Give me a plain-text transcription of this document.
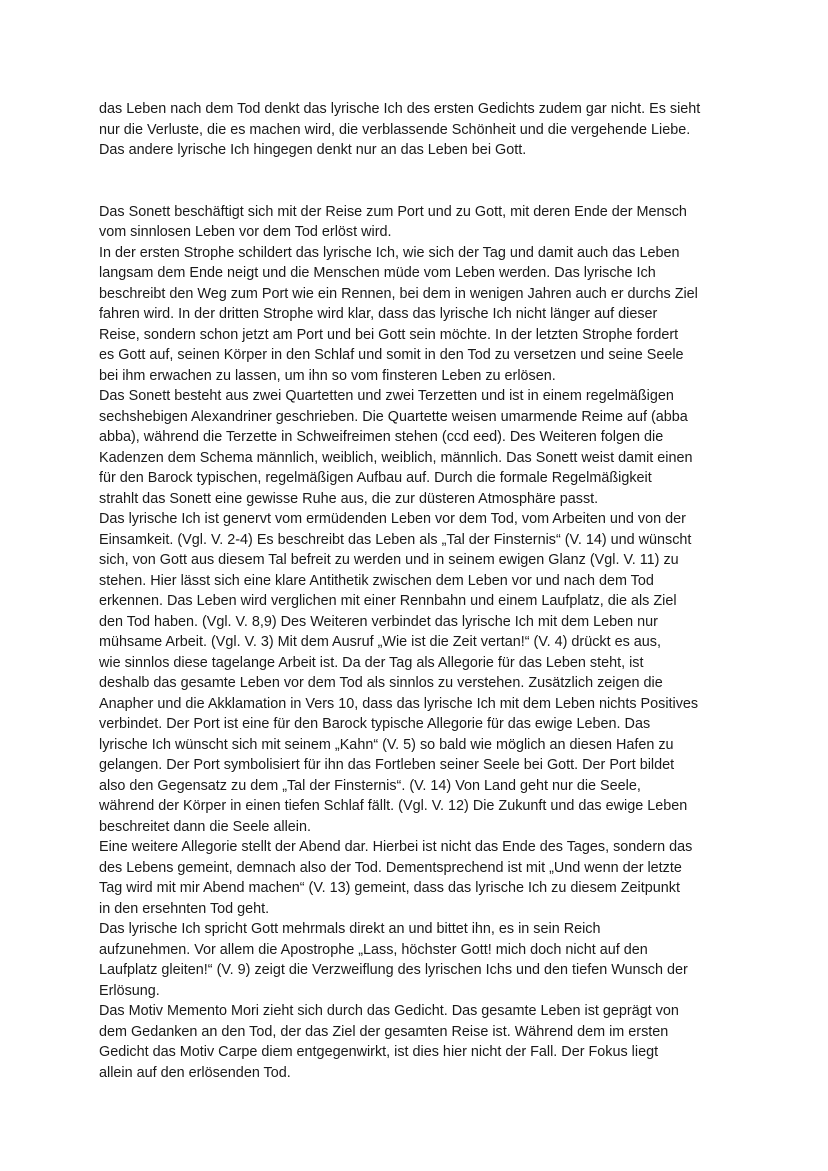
das Leben nach dem Tod denkt das lyrische Ich des ersten Gedichts zudem gar nicht. Es sieht
nur die Verluste, die es machen wird, die verblassende Schönheit und die vergehende Liebe.
Das andere lyrische Ich hingegen denkt nur an das Leben bei Gott.
Das Sonett beschäftigt sich mit der Reise zum Port und zu Gott, mit deren Ende der Mensch
vom sinnlosen Leben vor dem Tod erlöst wird.
In der ersten Strophe schildert das lyrische Ich, wie sich der Tag und damit auch das Leben
langsam dem Ende neigt und die Menschen müde vom Leben werden. Das lyrische Ich
beschreibt den Weg zum Port wie ein Rennen, bei dem in wenigen Jahren auch er durchs Ziel
fahren wird. In der dritten Strophe wird klar, dass das lyrische Ich nicht länger auf dieser
Reise, sondern schon jetzt am Port und bei Gott sein möchte. In der letzten Strophe fordert
es Gott auf, seinen Körper in den Schlaf und somit in den Tod zu versetzen und seine Seele
bei ihm erwachen zu lassen, um ihn so vom finsteren Leben zu erlösen.
Das Sonett besteht aus zwei Quartetten und zwei Terzetten und ist in einem regelmäßigen
sechshebigen Alexandriner geschrieben. Die Quartette weisen umarmende Reime auf (abba
abba), während die Terzette in Schweifreimen stehen (ccd eed). Des Weiteren folgen die
Kadenzen dem Schema männlich, weiblich, weiblich, männlich. Das Sonett weist damit einen
für den Barock typischen, regelmäßigen Aufbau auf. Durch die formale Regelmäßigkeit
strahlt das Sonett eine gewisse Ruhe aus, die zur düsteren Atmosphäre passt.
Das lyrische Ich ist genervt vom ermüdenden Leben vor dem Tod, vom Arbeiten und von der
Einsamkeit. (Vgl. V. 2-4) Es beschreibt das Leben als „Tal der Finsternis“ (V. 14) und wünscht
sich, von Gott aus diesem Tal befreit zu werden und in seinem ewigen Glanz (Vgl. V. 11) zu
stehen. Hier lässt sich eine klare Antithetik zwischen dem Leben vor und nach dem Tod
erkennen. Das Leben wird verglichen mit einer Rennbahn und einem Laufplatz, die als Ziel
den Tod haben. (Vgl. V. 8,9) Des Weiteren verbindet das lyrische Ich mit dem Leben nur
mühsame Arbeit. (Vgl. V. 3) Mit dem Ausruf „Wie ist die Zeit vertan!“ (V. 4) drückt es aus,
wie sinnlos diese tagelange Arbeit ist. Da der Tag als Allegorie für das Leben steht, ist
deshalb das gesamte Leben vor dem Tod als sinnlos zu verstehen. Zusätzlich zeigen die
Anapher und die Akklamation in Vers 10, dass das lyrische Ich mit dem Leben nichts Positives
verbindet. Der Port ist eine für den Barock typische Allegorie für das ewige Leben. Das
lyrische Ich wünscht sich mit seinem „Kahn“ (V. 5) so bald wie möglich an diesen Hafen zu
gelangen. Der Port symbolisiert für ihn das Fortleben seiner Seele bei Gott. Der Port bildet
also den Gegensatz zu dem „Tal der Finsternis“. (V. 14) Von Land geht nur die Seele,
während der Körper in einen tiefen Schlaf fällt. (Vgl. V. 12) Die Zukunft und das ewige Leben
beschreitet dann die Seele allein.
Eine weitere Allegorie stellt der Abend dar. Hierbei ist nicht das Ende des Tages, sondern das
des Lebens gemeint, demnach also der Tod. Dementsprechend ist mit „Und wenn der letzte
Tag wird mit mir Abend machen“ (V. 13) gemeint, dass das lyrische Ich zu diesem Zeitpunkt
in den ersehnten Tod geht.
Das lyrische Ich spricht Gott mehrmals direkt an und bittet ihn, es in sein Reich
aufzunehmen. Vor allem die Apostrophe „Lass, höchster Gott! mich doch nicht auf den
Laufplatz gleiten!“ (V. 9) zeigt die Verzweiflung des lyrischen Ichs und den tiefen Wunsch der
Erlösung.
Das Motiv Memento Mori zieht sich durch das Gedicht. Das gesamte Leben ist geprägt von
dem Gedanken an den Tod, der das Ziel der gesamten Reise ist. Während dem im ersten
Gedicht das Motiv Carpe diem entgegenwirkt, ist dies hier nicht der Fall. Der Fokus liegt
allein auf den erlösenden Tod.
